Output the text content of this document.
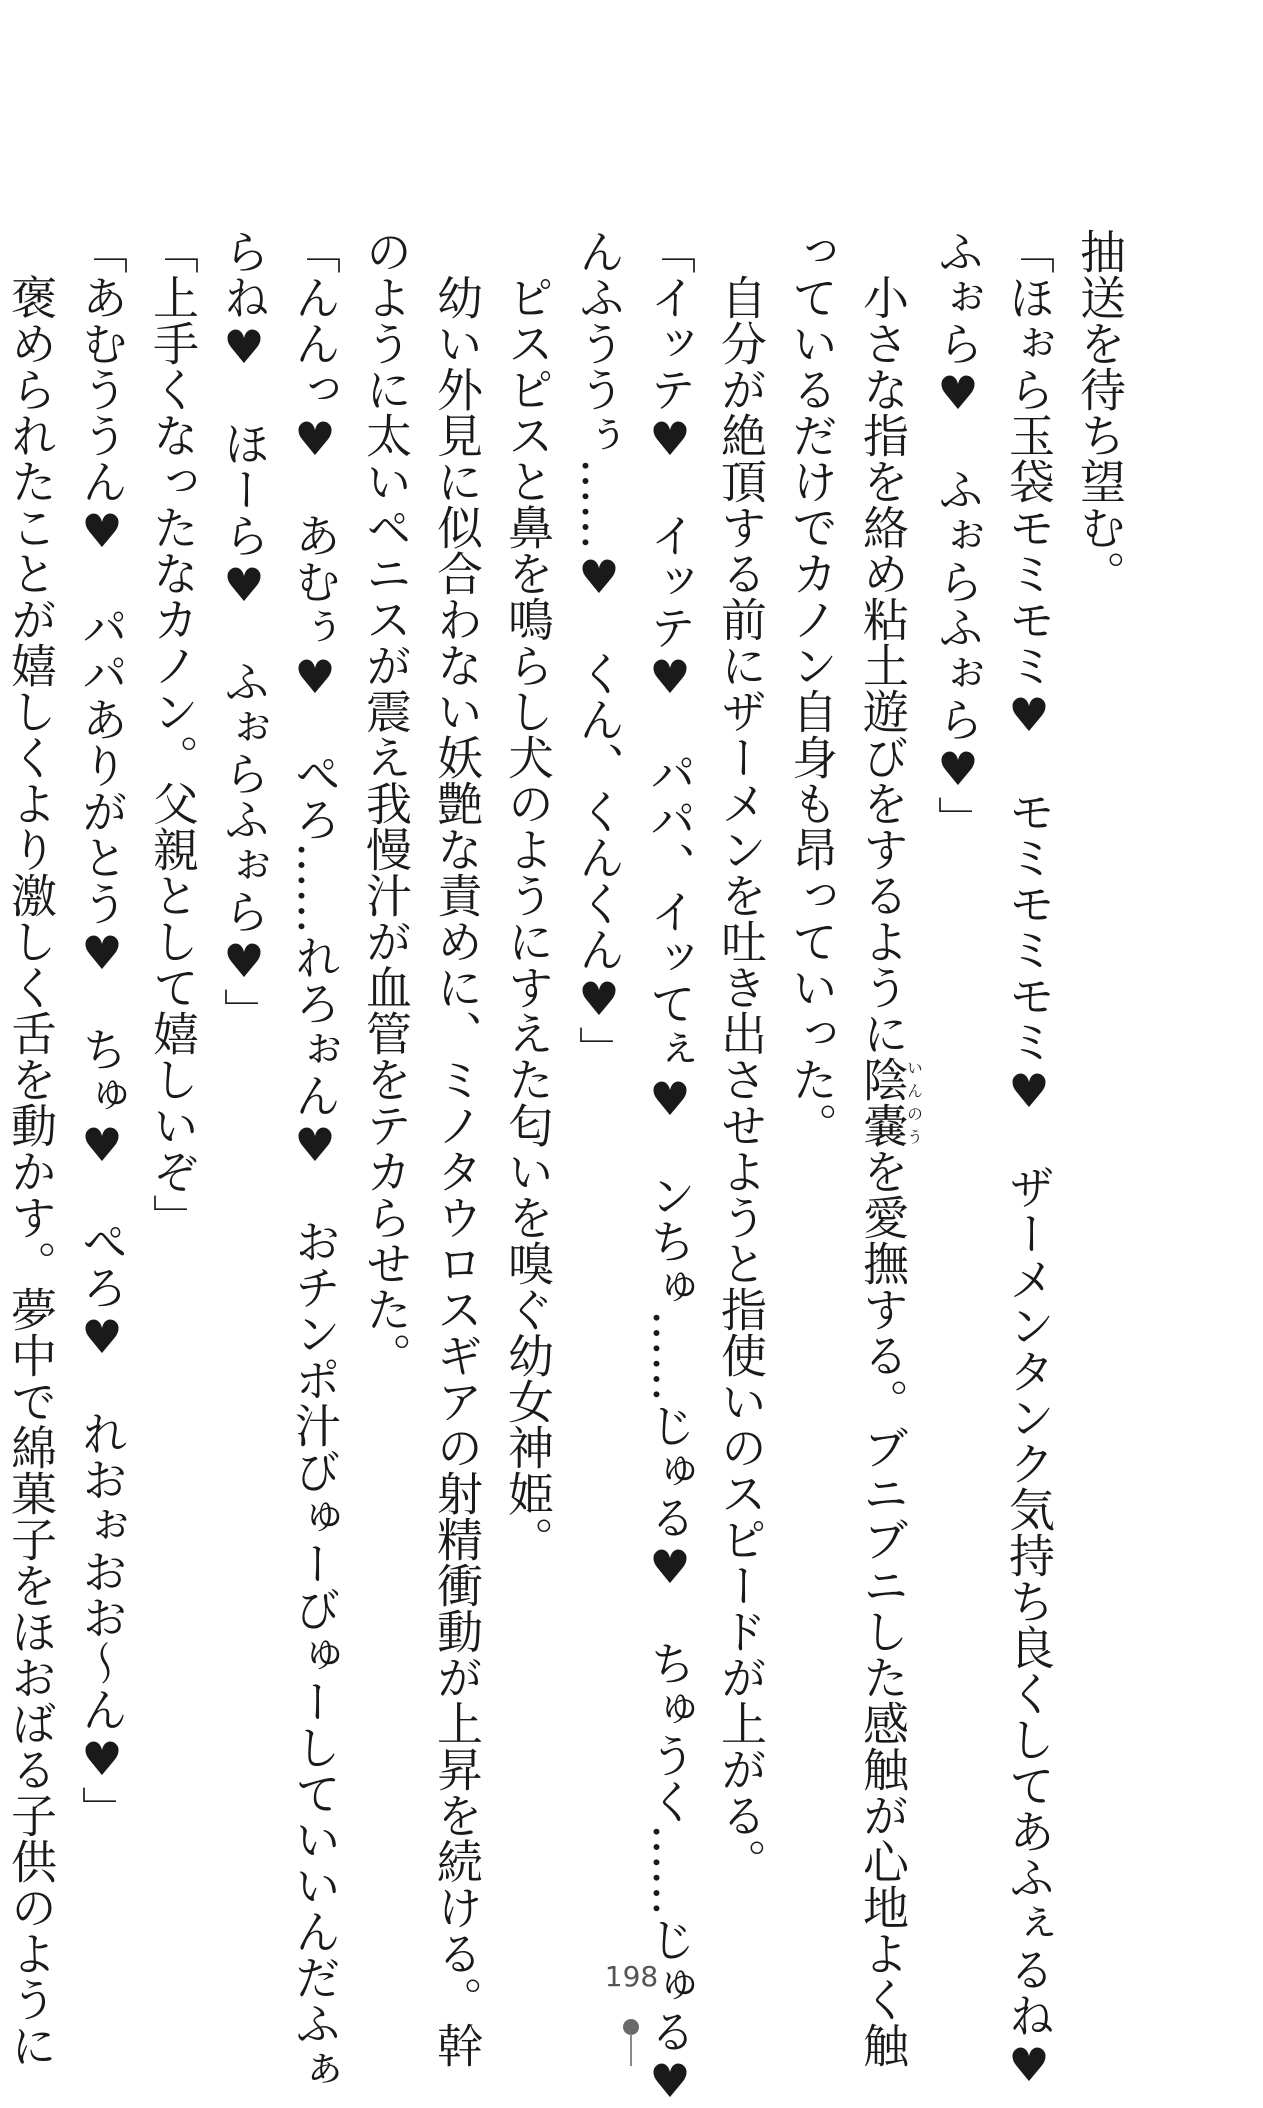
抽送を待ち望む。
「ほぉら玉袋モミモミ♥　モミモミモミ♥　ザーメンタンク気持ち良くしてあふぇるね♥
ふぉら♥　ふぉらふぉら♥」
　小さな指を絡め粘土遊びをするように陰嚢いんのうを愛撫する。ブニブニした感触が心地よく触
っているだけでカノン自身も昂っていった。
　自分が絶頂する前にザーメンを吐き出させようと指使いのスピードが上がる。
「イッテ♥　イッテ♥　パパ、イッてぇ♥　ンちゅ……じゅる♥　ちゅうく……じゅる♥
んふううぅ……♥　くん、くんくん♥」
　ピスピスと鼻を鳴らし犬のようにすえた匂いを嗅ぐ幼女神姫。
　幼い外見に似合わない妖艶な責めに、ミノタウロスギアの射精衝動が上昇を続ける。幹
のように太いペニスが震え我慢汁が血管をテカらせた。
「んんっ♥　あむぅ♥　ぺろ……れろぉん♥　おチンポ汁びゅーびゅーしていいんだふぁ
らね♥　ほーら♥　ふぉらふぉら♥」
「上手くなったなカノン。父親として嬉しいぞ」
「あむううん♥　パパありがとう♥　ちゅ♥　ぺろ♥　れおぉおお～ん♥」
　褒められたことが嬉しくより激しく舌を動かす。夢中で綿菓子をほおばる子供のように	198
